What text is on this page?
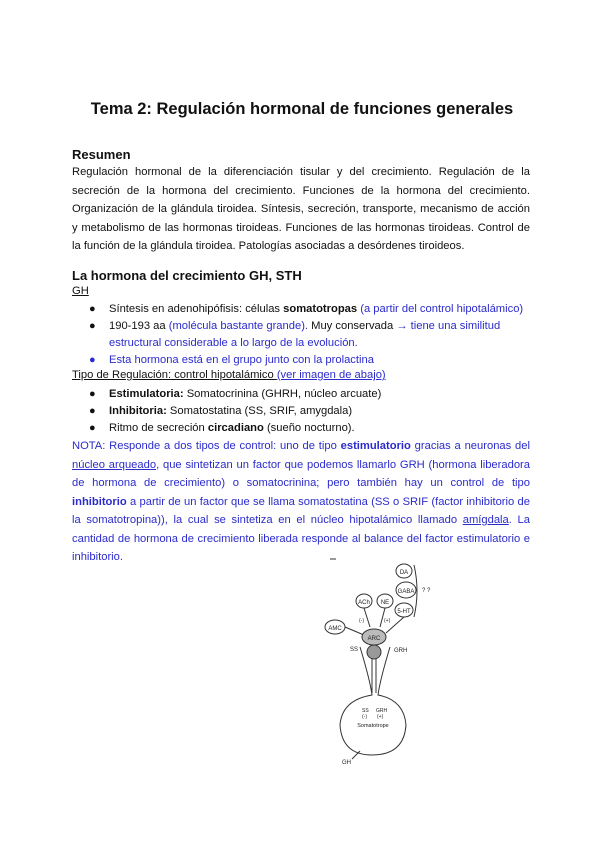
Tema 2: Regulación hormonal de funciones generales
Resumen

Regulación hormonal de la diferenciación tisular y del crecimiento. Regulación de la secreción de la hormona del crecimiento. Funciones de la hormona del crecimiento. Organización de la glándula tiroidea. Síntesis, secreción, transporte, mecanismo de acción y metabolismo de las hormonas tiroideas. Funciones de las hormonas tiroideas. Control de la función de la glándula tiroidea. Patologías asociadas a desórdenes tiroideos.

La hormona del crecimiento GH, STH

GH

● Síntesis en adenohipófisis: células somatotropas (a partir del control hipotalámico)
● 190-193 aa (molécula bastante grande). Muy conservada → tiene una similitud estructural considerable a lo largo de la evolución.
● Esta hormona está en el grupo junto con la prolactina

Tipo de Regulación: control hipotalámico (ver imagen de abajo)

● Estimulatoria: Somatocrinina (GHRH, núcleo arcuate)
● Inhibitoria: Somatostatina (SS, SRIF, amygdala)
● Ritmo de secreción circadiano (sueño nocturno).

NOTA: Responde a dos tipos de control: uno de tipo estimulatorio gracias a neuronas del núcleo arqueado, que sintetizan un factor que podemos llamarlo GRH (hormona liberadora de hormona de crecimiento) o somatocrinina; pero también hay un control de tipo inhibitorio a partir de un factor que se llama somatostatina (SS o SRIF (factor inhibitorio de la somatotropina)), la cual se sintetiza en el núcleo hipotalámico llamado amígdala. La cantidad de hormona de crecimiento liberada responde al balance del factor estimulatorio e inhibitorio.

DA
GABA
5-HT
? ?
ACh NE
AMC
(-)	(+)
ARC
SS	GRH
SS GRH
(-) (+)
Somatotrope
GH
